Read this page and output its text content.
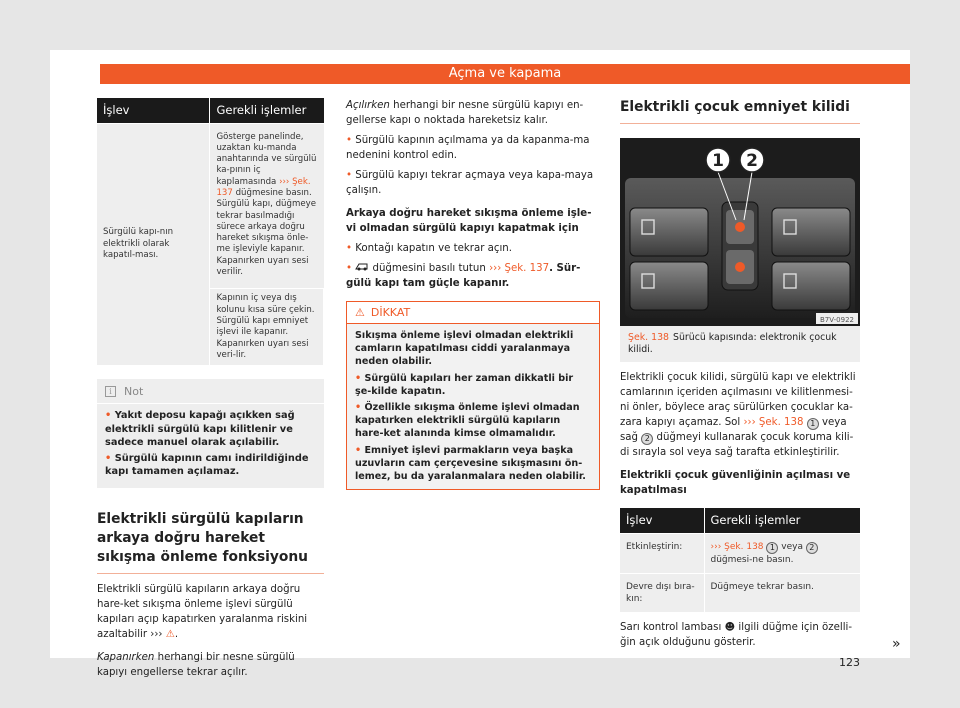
Açma ve kapama
İşlev	Gerekli işlemler
Sürgülü kapı-nın elektrikli olarak kapatıl-ması.	Gösterge panelinde, uzaktan ku-manda anahtarında ve sürgülü ka-pının iç kaplamasında ››› Şek. 137 düğmesine basın. Sürgülü kapı, düğmeye tekrar basılmadığı sürece arkaya doğru hareket sıkışma önle-me işleviyle kapanır. Kapanırken uyarı sesi verilir.
	Kapının iç veya dış kolunu kısa süre çekin. Sürgülü kapı emniyet işlevi ile kapanır. Kapanırken uyarı sesi veri-lir.
i	Not
• Yakıt deposu kapağı açıkken sağ elektrikli sürgülü kapı kilitlenir ve sadece manuel olarak açılabilir.
• Sürgülü kapının camı indirildiğinde kapı tamamen açılamaz.
Elektrikli sürgülü kapıların arkaya doğru hareket sıkışma önleme fonksiyonu

Elektrikli sürgülü kapıların arkaya doğru hare-ket sıkışma önleme işlevi sürgülü kapıları açıp kapatırken yaralanma riskini azaltabilir ››› ⚠.

Kapanırken herhangi bir nesne sürgülü kapıyı engellerse tekrar açılır.

Açılırken herhangi bir nesne sürgülü kapıyı en-gellerse kapı o noktada hareketsiz kalır.

• Sürgülü kapının açılmama ya da kapanma-ma nedenini kontrol edin.
• Sürgülü kapıyı tekrar açmaya veya kapa-maya çalışın.

Arkaya doğru hareket sıkışma önleme işle-vi olmadan sürgülü kapıyı kapatmak için

• Kontağı kapatın ve tekrar açın.
•  düğmesini basılı tutun ››› Şek. 137. Sür-gülü kapı tam güçle kapanır.
⚠ DİKKAT
Sıkışma önleme işlevi olmadan elektrikli camların kapatılması ciddi yaralanmaya neden olabilir.
• Sürgülü kapıları her zaman dikkatli bir şe-kilde kapatın.
• Özellikle sıkışma önleme işlevi olmadan kapatırken elektrikli sürgülü kapıların hare-ket alanında kimse olmamalıdır.
• Emniyet işlevi parmakların veya başka uzuvların cam çerçevesine sıkışmasını ön-lemez, bu da yaralanmalara neden olabilir.
Elektrikli çocuk emniyet kilidi
1 2
B7V-0922
Şek. 138 Sürücü kapısında: elektronik çocuk kilidi.

Elektrikli çocuk kilidi, sürgülü kapı ve elektrikli camlarının içeriden açılmasını ve kilitlenmesi-ni önler, böylece araç sürülürken çocuklar ka-zara kapıyı açamaz. Sol ››› Şek. 138 1 veya sağ 2 düğmeyi kullanarak çocuk koruma kili-di sırayla sol veya sağ tarafta etkinleştirilir.

Elektrikli çocuk güvenliğinin açılması ve kapatılması

İşlev	Gerekli işlemler
Etkinleştirin:	››› Şek. 138 1 veya 2 düğmesi-ne basın.
Devre dışı bıra-kın:	Düğmeye tekrar basın.

Sarı kontrol lambası ☻ ilgili düğme için özelli-ğin açık olduğunu gösterir.	»
123
